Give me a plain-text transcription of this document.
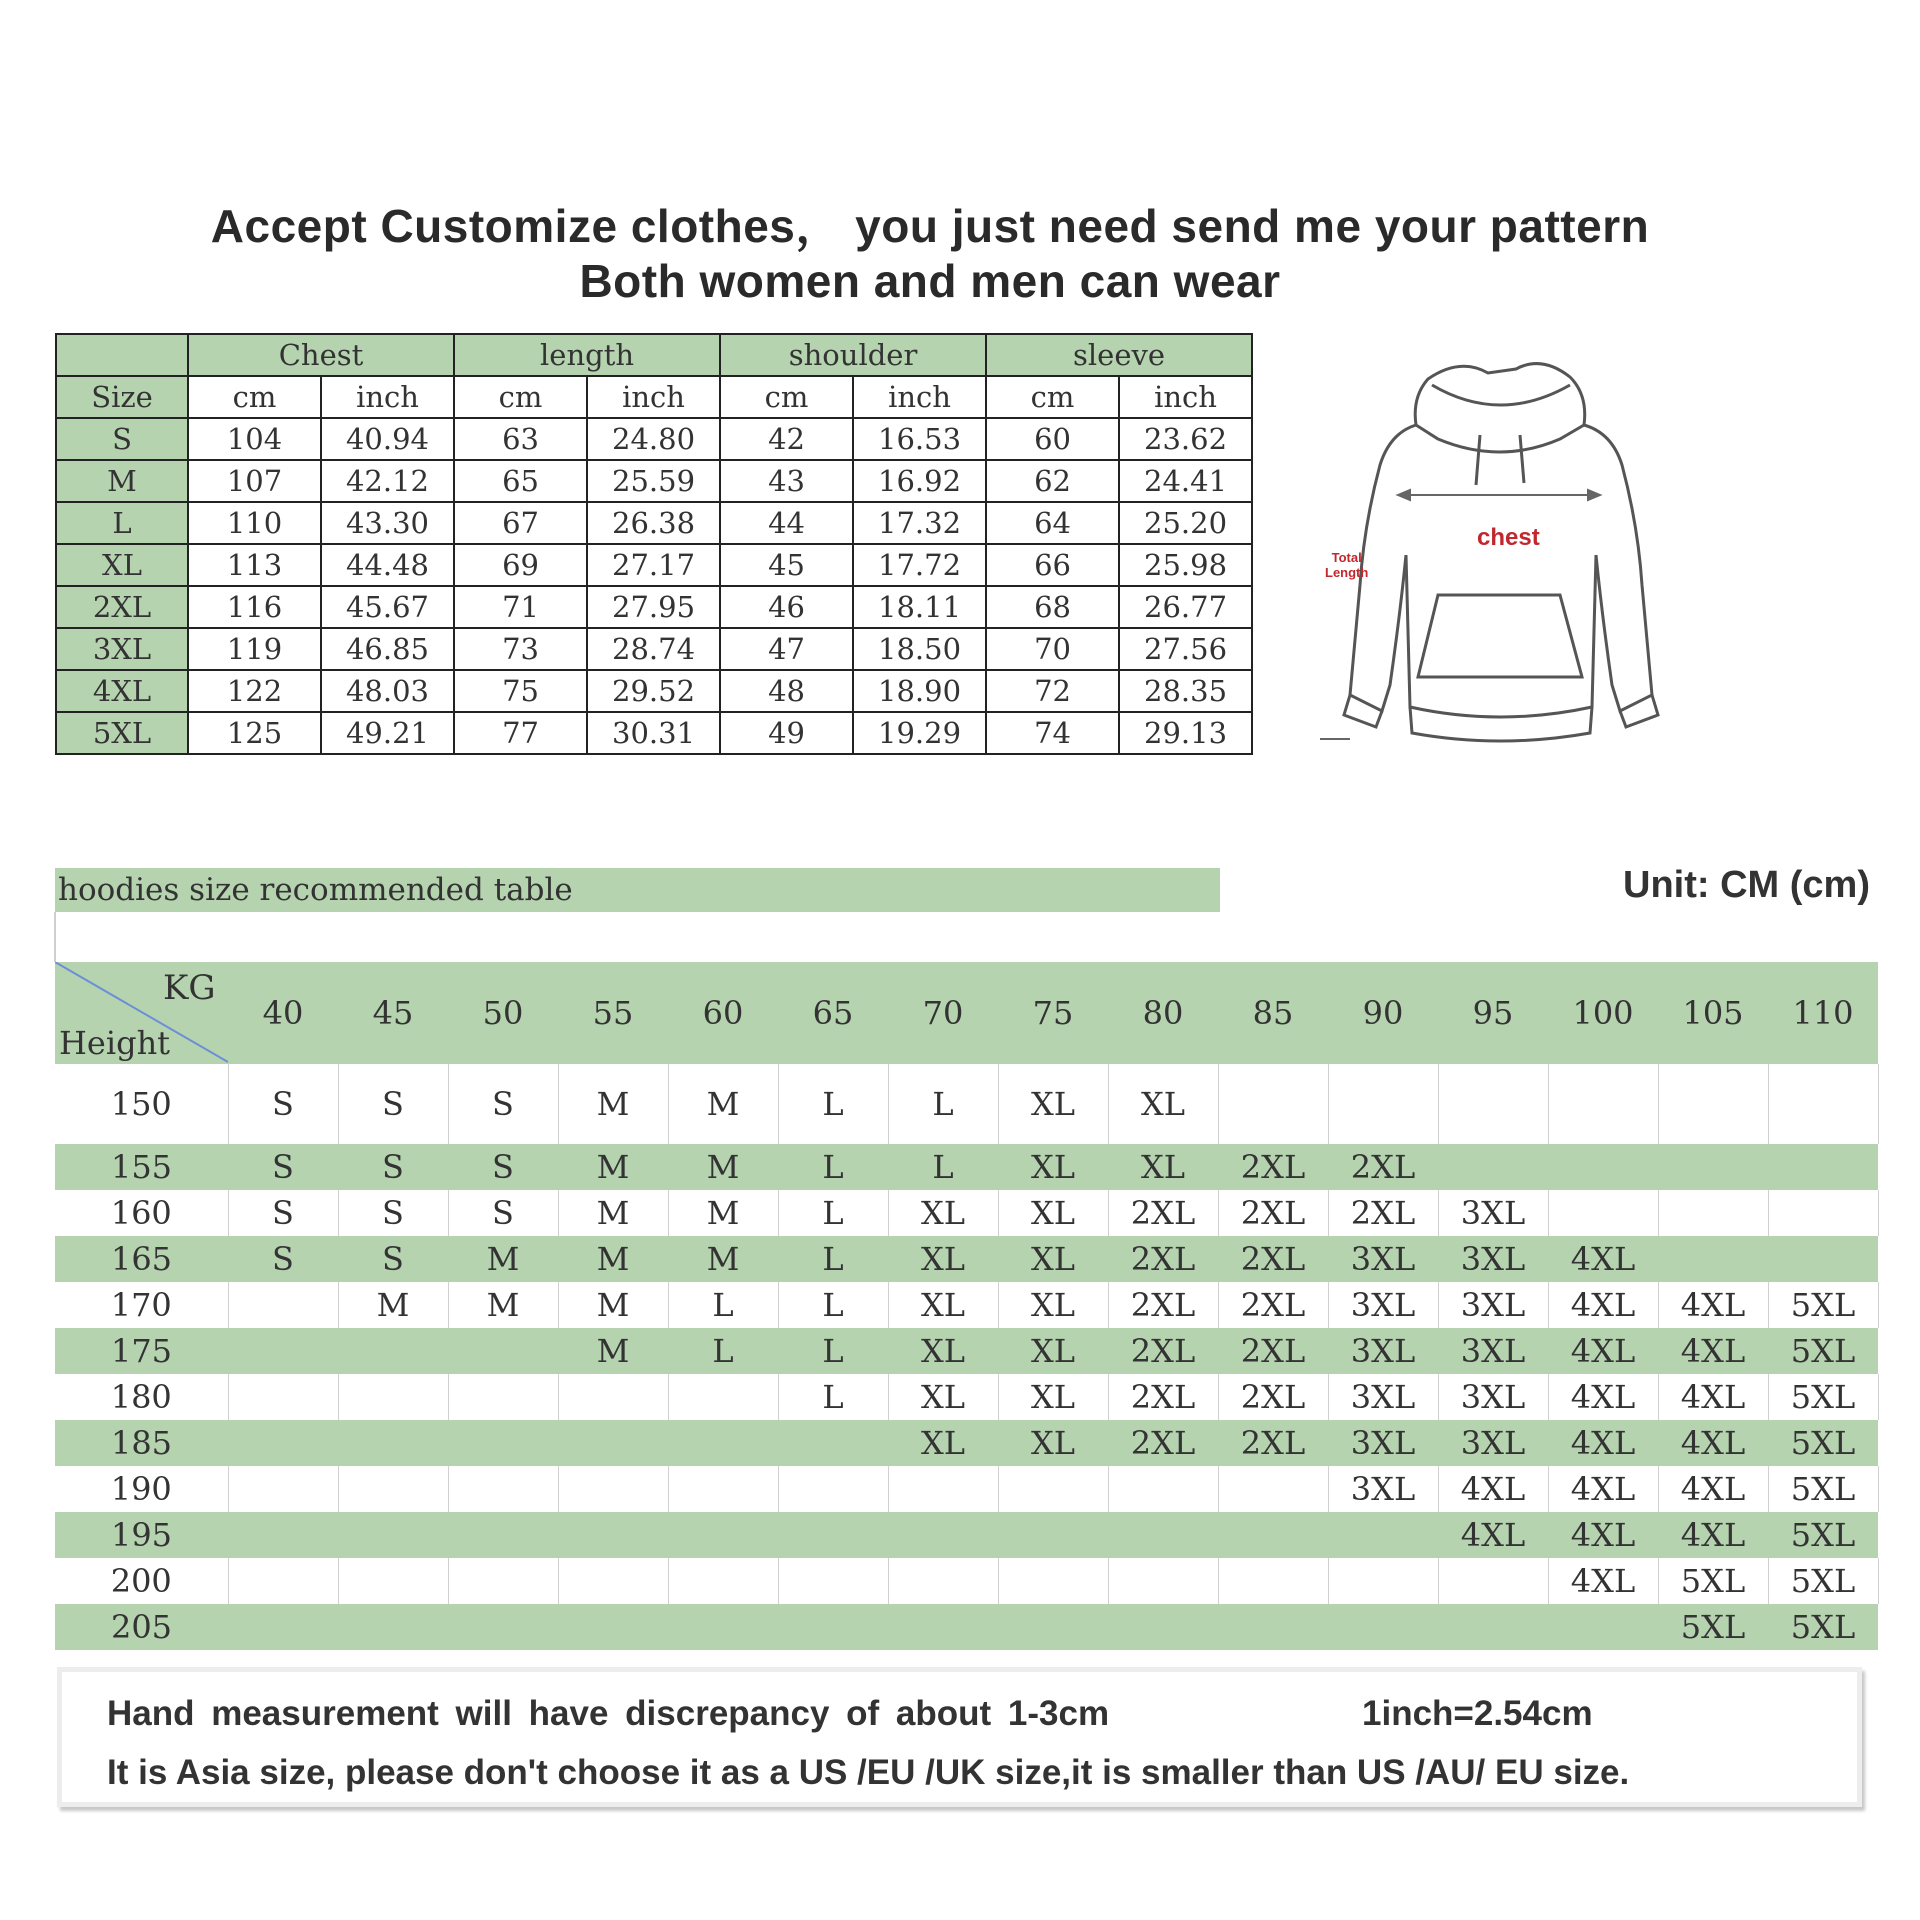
Accept Customize clothes， you just need send me your pattern
Both women and men can wear
	Chest		length		shoulder		sleeve	
Size	cm	inch	cm	inch	cm	inch	cm	inch
S	104	40.94	63	24.80	42	16.53	60	23.62
M	107	42.12	65	25.59	43	16.92	62	24.41
L	110	43.30	67	26.38	44	17.32	64	25.20
XL	113	44.48	69	27.17	45	17.72	66	25.98
2XL	116	45.67	71	27.95	46	18.11	68	26.77
3XL	119	46.85	73	28.74	47	18.50	70	27.56
4XL	122	48.03	75	29.52	48	18.90	72	28.35
5XL	125	49.21	77	30.31	49	19.29	74	29.13
chest
Total
Length
hoodies size recommended table	Unit: CM (cm)
KG
Height	40	45	50	55	60	65	70	75	80	85	90	95	100	105	110
150	S	S	S	M	M	L	L	XL	XL						
155	S	S	S	M	M	L	L	XL	XL	2XL	2XL				
160	S	S	S	M	M	L	XL	XL	2XL	2XL	2XL	3XL			
165	S	S	M	M	M	L	XL	XL	2XL	2XL	3XL	3XL	4XL		
170		M	M	M	L	L	XL	XL	2XL	2XL	3XL	3XL	4XL	4XL	5XL
175				M	L	L	XL	XL	2XL	2XL	3XL	3XL	4XL	4XL	5XL
180						L	XL	XL	2XL	2XL	3XL	3XL	4XL	4XL	5XL
185							XL	XL	2XL	2XL	3XL	3XL	4XL	4XL	5XL
190											3XL	4XL	4XL	4XL	5XL
195												4XL	4XL	4XL	5XL
200													4XL	5XL	5XL
205														5XL	5XL
Hand measurement will have discrepancy of about 1-3cm	1inch=2.54cm
It is Asia size, please don't choose it as a US /EU /UK size,it is smaller than US /AU/ EU size.
